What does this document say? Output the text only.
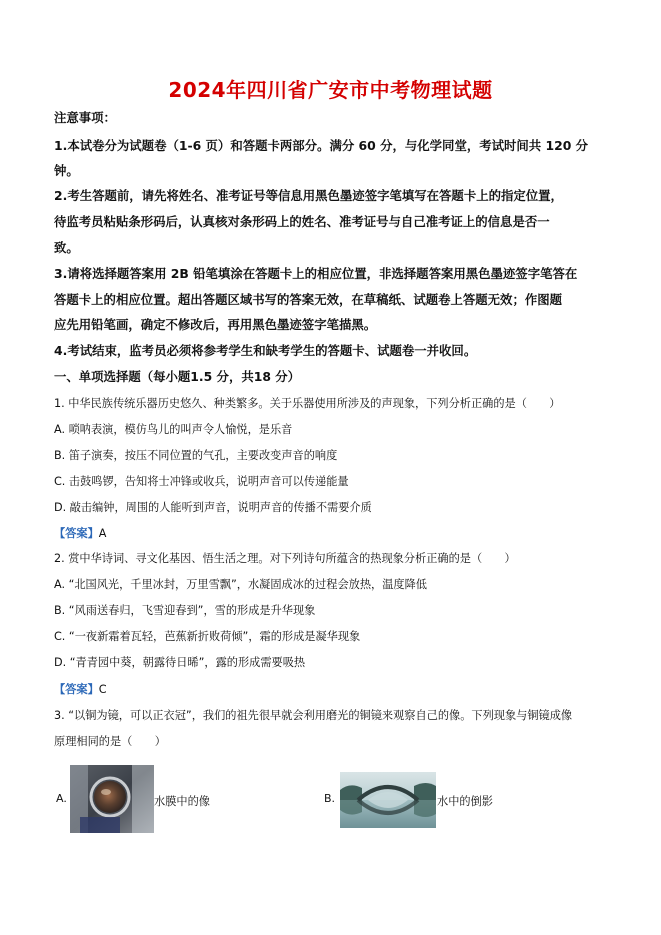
2024年四川省广安市中考物理试题
注意事项：
1.本试卷分为试题卷（1-6 页）和答题卡两部分。满分 60 分，与化学同堂，考试时间共 120 分
钟。
2.考生答题前，请先将姓名、准考证号等信息用黑色墨迹签字笔填写在答题卡上的指定位置，
待监考员粘贴条形码后，认真核对条形码上的姓名、准考证号与自己准考证上的信息是否一
致。
3.请将选择题答案用 2B 铅笔填涂在答题卡上的相应位置，非选择题答案用黑色墨迹签字笔答在
答题卡上的相应位置。超出答题区域书写的答案无效，在草稿纸、试题卷上答题无效；作图题
应先用铅笔画，确定不修改后，再用黑色墨迹签字笔描黑。
4.考试结束，监考员必须将参考学生和缺考学生的答题卡、试题卷一并收回。
一、单项选择题（每小题1.5 分，共18 分）
1. 中华民族传统乐器历史悠久、种类繁多。关于乐器使用所涉及的声现象，下列分析正确的是（　　）
A. 唢呐表演，模仿鸟儿的叫声令人愉悦，是乐音
B. 笛子演奏，按压不同位置的气孔，主要改变声音的响度
C. 击鼓鸣锣，告知将士冲锋或收兵，说明声音可以传递能量
D. 敲击编钟，周围的人能听到声音，说明声音的传播不需要介质
【答案】A
2. 赏中华诗词、寻文化基因、悟生活之理。对下列诗句所蕴含的热现象分析正确的是（　　）
A. “北国风光，千里冰封，万里雪飘”，水凝固成冰的过程会放热，温度降低
B. “风雨送春归，飞雪迎春到”，雪的形成是升华现象
C. “一夜新霜着瓦轻，芭蕉新折败荷倾”，霜的形成是凝华现象
D. “青青园中葵，朝露待日晞”，露的形成需要吸热
【答案】C
3. “以铜为镜，可以正衣冠”，我们的祖先很早就会利用磨光的铜镜来观察自己的像。下列现象与铜镜成像
原理相同的是（　　）
A.	水膜中的像	B.	水中的倒影
